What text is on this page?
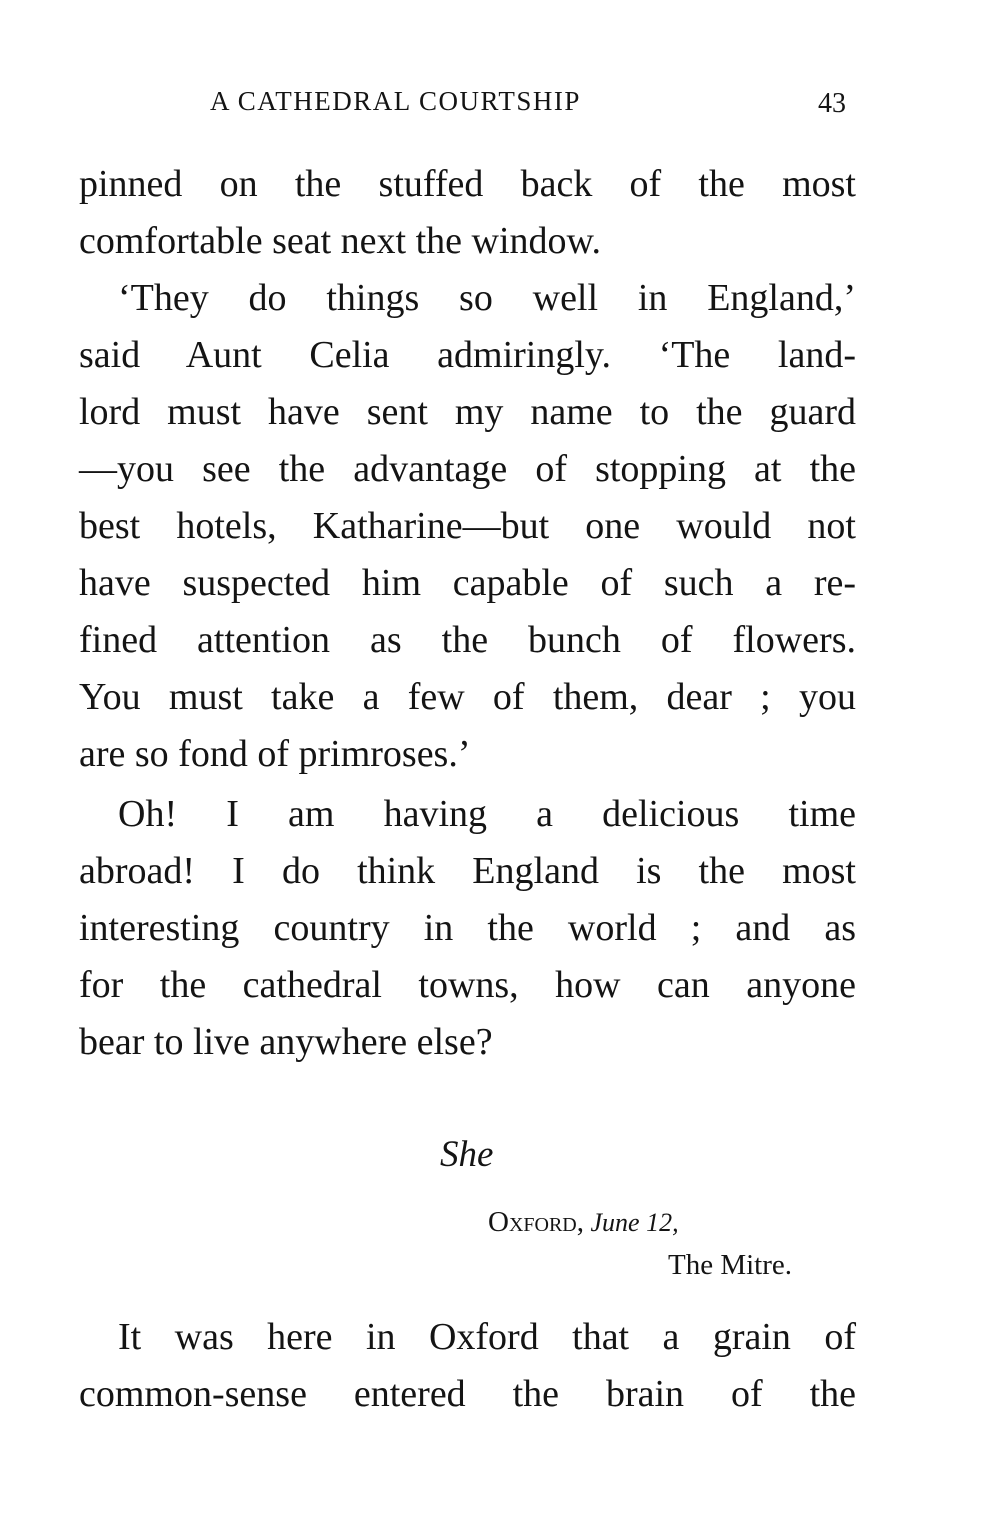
A CATHEDRAL COURTSHIP	43
pinned on the stuffed back of the most
comfortable seat next the window.
‘They do things so well in England,’
said Aunt Celia admiringly. ‘The land-
lord must have sent my name to the guard
—you see the advantage of stopping at the
best hotels, Katharine—but one would not
have suspected him capable of such a re-
fined attention as the bunch of flowers.
You must take a few of them, dear ; you
are so fond of primroses.’
Oh! I am having a delicious time
abroad! I do think England is the most
interesting country in the world ; and as
for the cathedral towns, how can anyone
bear to live anywhere else?
She
Oxford, June 12,
The Mitre.
It was here in Oxford that a grain of
common-sense entered the brain of the
